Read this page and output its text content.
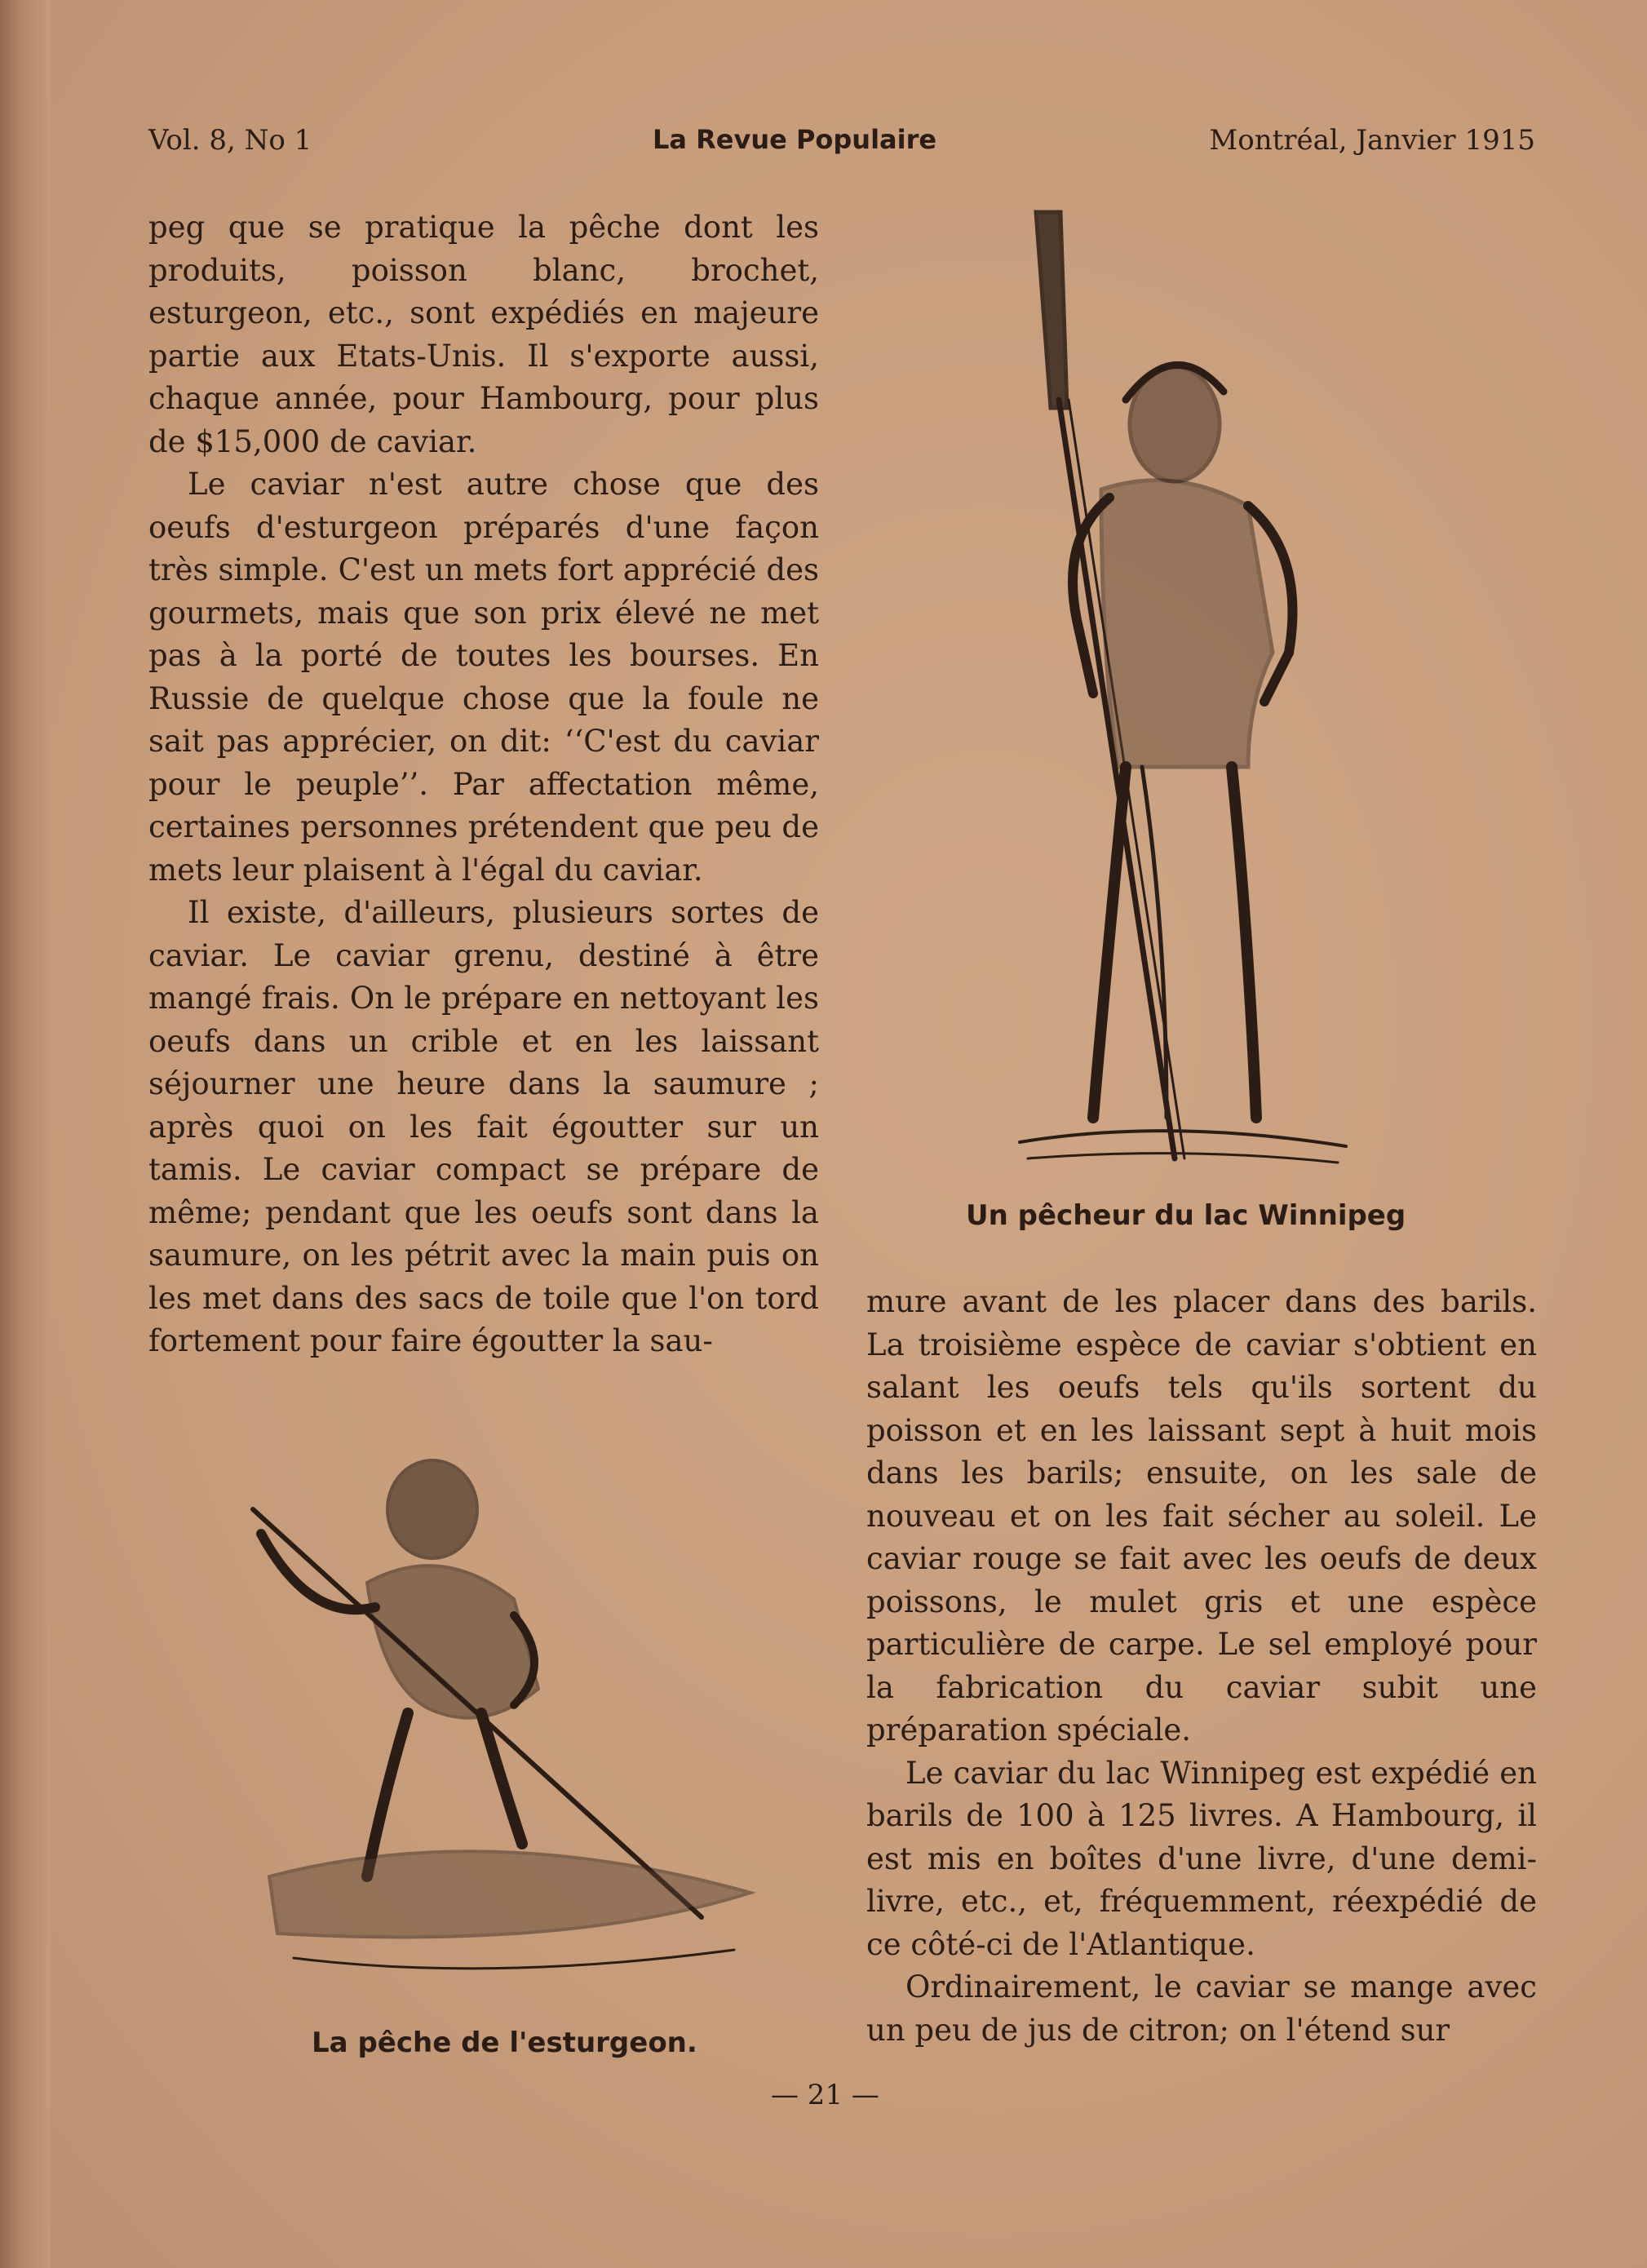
Vol. 8, No 1	La Revue Populaire	Montréal, Janvier 1915

peg que se pratique la pêche dont les produits, poisson blanc, brochet, esturgeon, etc., sont expédiés en majeure partie aux Etats-Unis. Il s'exporte aussi, chaque année, pour Hambourg, pour plus de $15,000 de caviar.

Le caviar n'est autre chose que des oeufs d'esturgeon préparés d'une façon très simple. C'est un mets fort apprécié des gourmets, mais que son prix élevé ne met pas à la porté de toutes les bourses. En Russie de quelque chose que la foule ne sait pas apprécier, on dit: ‘‘C'est du caviar pour le peuple’’. Par affectation même, certaines personnes prétendent que peu de mets leur plaisent à l'égal du caviar.

Il existe, d'ailleurs, plusieurs sortes de caviar. Le caviar grenu, destiné à être mangé frais. On le prépare en nettoyant les oeufs dans un crible et en les laissant séjourner une heure dans la saumure ; après quoi on les fait égoutter sur un tamis. Le caviar compact se prépare de même; pendant que les oeufs sont dans la saumure, on les pétrit avec la main puis on les met dans des sacs de toile que l'on tord fortement pour faire égoutter la sau-

Un pêcheur du lac Winnipeg
La pêche de l'esturgeon.

mure avant de les placer dans des barils. La troisième espèce de caviar s'obtient en salant les oeufs tels qu'ils sortent du poisson et en les laissant sept à huit mois dans les barils; ensuite, on les sale de nouveau et on les fait sécher au soleil. Le caviar rouge se fait avec les oeufs de deux poissons, le mulet gris et une espèce particulière de carpe. Le sel employé pour la fabrication du caviar subit une préparation spéciale.

Le caviar du lac Winnipeg est expédié en barils de 100 à 125 livres. A Hambourg, il est mis en boîtes d'une livre, d'une demi-livre, etc., et, fréquemment, réexpédié de ce côté-ci de l'Atlantique.

Ordinairement, le caviar se mange avec un peu de jus de citron; on l'étend sur

— 21 —
